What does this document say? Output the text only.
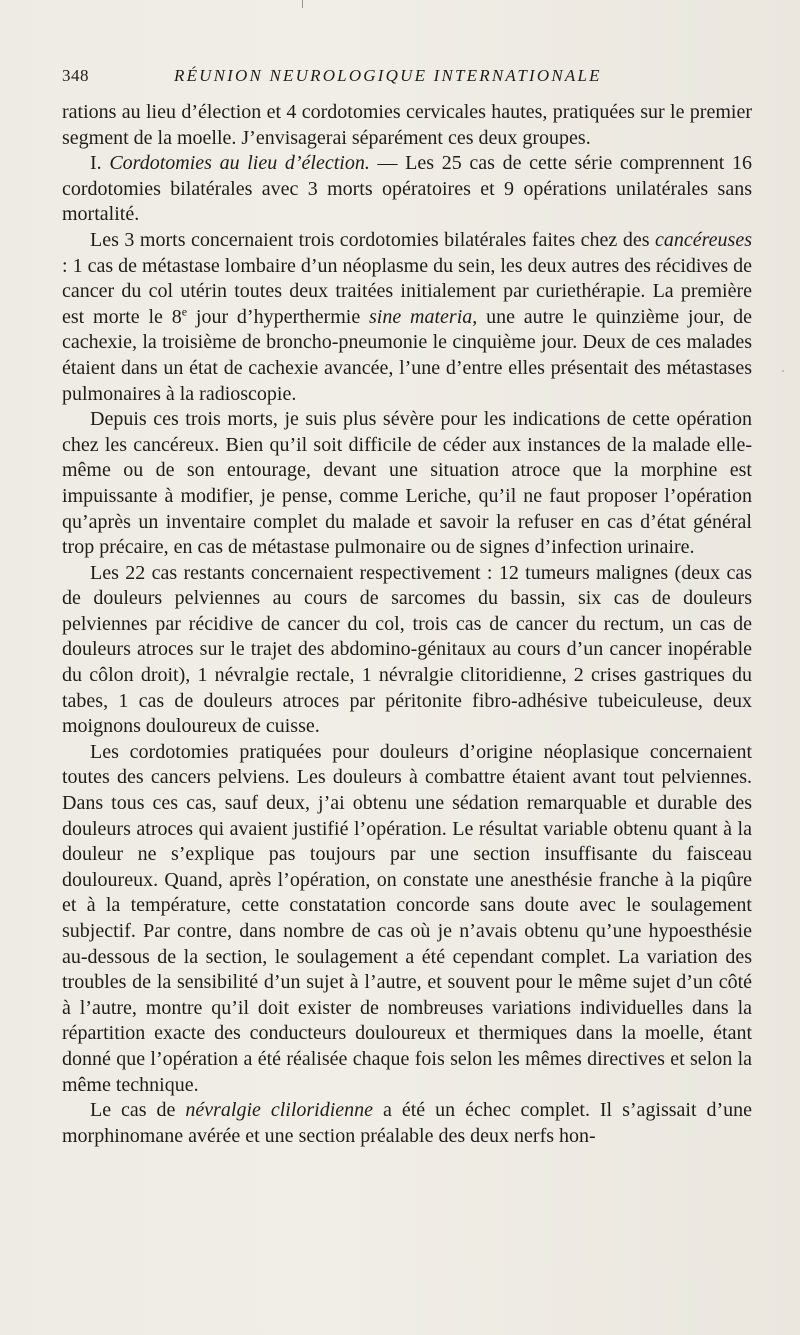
348	RÉUNION NEUROLOGIQUE INTERNATIONALE

rations au lieu d’élection et 4 cordotomies cervicales hautes, pratiquées sur le premier segment de la moelle. J’envisagerai séparément ces deux groupes.

I. Cordotomies au lieu d’élection. — Les 25 cas de cette série comprennent 16 cordotomies bilatérales avec 3 morts opératoires et 9 opérations unilatérales sans mortalité.

Les 3 morts concernaient trois cordotomies bilatérales faites chez des cancéreuses : 1 cas de métastase lombaire d’un néoplasme du sein, les deux autres des récidives de cancer du col utérin toutes deux traitées initialement par curiethérapie. La première est morte le 8e jour d’hyperthermie sine materia, une autre le quinzième jour, de cachexie, la troisième de broncho-pneumonie le cinquième jour. Deux de ces malades étaient dans un état de cachexie avancée, l’une d’entre elles présentait des métastases pulmonaires à la radioscopie.

Depuis ces trois morts, je suis plus sévère pour les indications de cette opération chez les cancéreux. Bien qu’il soit difficile de céder aux instances de la malade elle-même ou de son entourage, devant une situation atroce que la morphine est impuissante à modifier, je pense, comme Leriche, qu’il ne faut proposer l’opération qu’après un inventaire complet du malade et savoir la refuser en cas d’état général trop précaire, en cas de métastase pulmonaire ou de signes d’infection urinaire.

Les 22 cas restants concernaient respectivement : 12 tumeurs malignes (deux cas de douleurs pelviennes au cours de sarcomes du bassin, six cas de douleurs pelviennes par récidive de cancer du col, trois cas de cancer du rectum, un cas de douleurs atroces sur le trajet des abdomino-génitaux au cours d’un cancer inopérable du côlon droit), 1 névralgie rectale, 1 névralgie clitoridienne, 2 crises gastriques du tabes, 1 cas de douleurs atroces par péritonite fibro-adhésive tubeiculeuse, deux moignons douloureux de cuisse.

Les cordotomies pratiquées pour douleurs d’origine néoplasique concernaient toutes des cancers pelviens. Les douleurs à combattre étaient avant tout pelviennes. Dans tous ces cas, sauf deux, j’ai obtenu une sédation remarquable et durable des douleurs atroces qui avaient justifié l’opération. Le résultat variable obtenu quant à la douleur ne s’explique pas toujours par une section insuffisante du faisceau douloureux. Quand, après l’opération, on constate une anesthésie franche à la piqûre et à la température, cette constatation concorde sans doute avec le soulagement subjectif. Par contre, dans nombre de cas où je n’avais obtenu qu’une hypoesthésie au-dessous de la section, le soulagement a été cependant complet. La variation des troubles de la sensibilité d’un sujet à l’autre, et souvent pour le même sujet d’un côté à l’autre, montre qu’il doit exister de nombreuses variations individuelles dans la répartition exacte des conducteurs douloureux et thermiques dans la moelle, étant donné que l’opération a été réalisée chaque fois selon les mêmes directives et selon la même technique.

Le cas de névralgie cliloridienne a été un échec complet. Il s’agissait d’une morphinomane avérée et une section préalable des deux nerfs hon-
